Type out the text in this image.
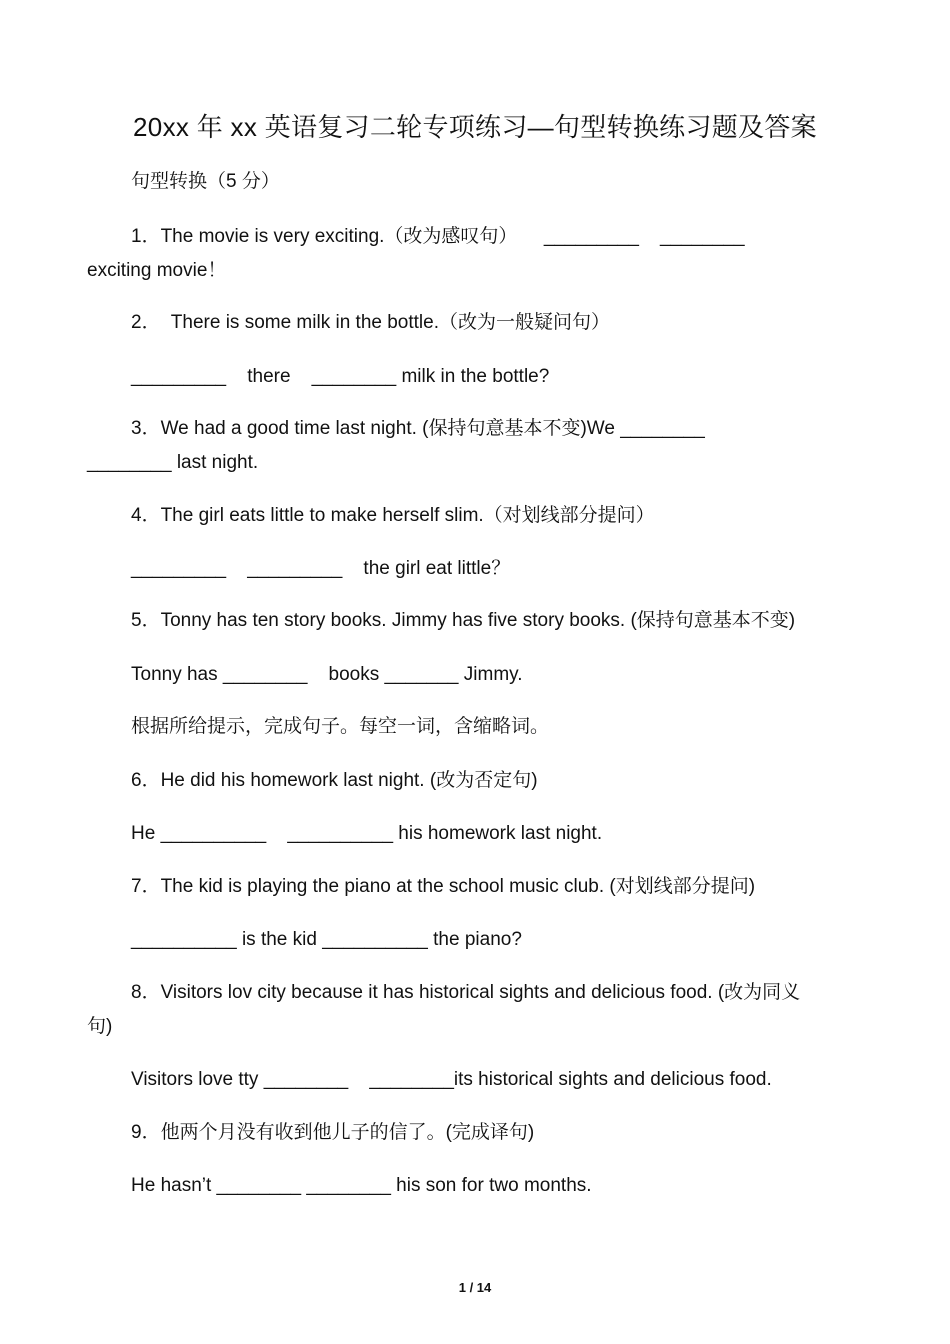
20xx 年 xx 英语复习二轮专项练习—句型转换练习题及答案
句型转换（5 分）
1．The movie is very exciting.（改为感叹句）     _________    ________
exciting movie！
2．  There is some milk in the bottle.（改为一般疑问句）
_________    there    ________ milk in the bottle?
3．We had a good time last night. (保持句意基本不变)We ________
________ last night.
4．The girl eats little to make herself slim.（对划线部分提问）
_________    _________    the girl eat little？
5．Tonny has ten story books. Jimmy has five story books. (保持句意基本不变)
Tonny has ________    books _______ Jimmy.
根据所给提示，完成句子。每空一词，含缩略词。
6．He did his homework last night. (改为否定句)
He __________    __________ his homework last night.
7．The kid is playing the piano at the school music club. (对划线部分提问)
__________ is the kid __________ the piano?
8．Visitors lov city because it has historical sights and delicious food. (改为同义
句)
Visitors love tty ________    ________its historical sights and delicious food.
9．他两个月没有收到他儿子的信了。(完成译句)
He hasn’t ________ ________ his son for two months.
1 / 14
